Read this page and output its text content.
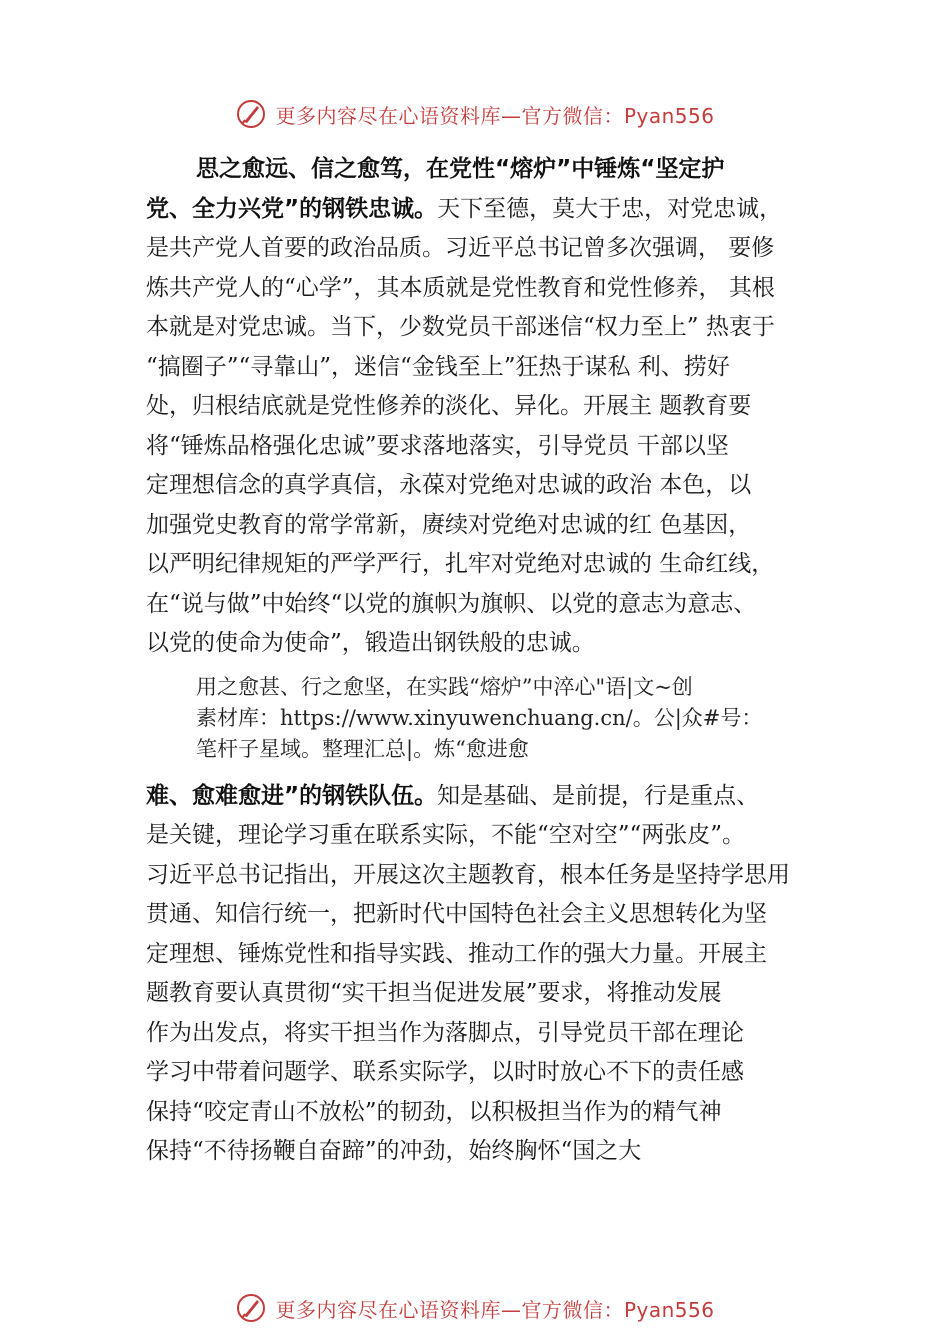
更多内容尽在心语资料库—官方微信：Pyan556
思之愈远、信之愈笃，在党性“熔炉”中锤炼“坚定护
党、全力兴党”的钢铁忠诚。天下至德，莫大于忠，对党忠诚，
是共产党人首要的政治品质。习近平总书记曾多次强调， 要修
炼共产党人的“心学”，其本质就是党性教育和党性修养， 其根
本就是对党忠诚。当下，少数党员干部迷信“权力至上” 热衷于
“搞圈子”“寻靠山”，迷信“金钱至上”狂热于谋私 利、捞好
处，归根结底就是党性修养的淡化、异化。开展主 题教育要
将“锤炼品格强化忠诚”要求落地落实，引导党员 干部以坚
定理想信念的真学真信，永葆对党绝对忠诚的政治 本色，以
加强党史教育的常学常新，赓续对党绝对忠诚的红 色基因，
以严明纪律规矩的严学严行，扎牢对党绝对忠诚的 生命红线，
在“说与做”中始终“以党的旗帜为旗帜、以党的意志为意志、
以党的使命为使命”，锻造出钢铁般的忠诚。
用之愈甚、行之愈坚，在实践“熔炉”中淬心"语|文~创
素材库：https://www.xinyuwenchuang.cn/。公|众#号：
笔杆子星域。整理汇总|。炼“愈进愈
难、愈难愈进”的钢铁队伍。知是基础、是前提，行是重点、
是关键，理论学习重在联系实际，不能“空对空”“两张皮”。
习近平总书记指出，开展这次主题教育，根本任务是坚持学思用
贯通、知信行统一，把新时代中国特色社会主义思想转化为坚
定理想、锤炼党性和指导实践、推动工作的强大力量。开展主
题教育要认真贯彻“实干担当促进发展”要求，将推动发展
作为出发点，将实干担当作为落脚点，引导党员干部在理论
学习中带着问题学、联系实际学，以时时放心不下的责任感
保持“咬定青山不放松”的韧劲，以积极担当作为的精气神
保持“不待扬鞭自奋蹄”的冲劲，始终胸怀“国之大
更多内容尽在心语资料库—官方微信：Pyan556
